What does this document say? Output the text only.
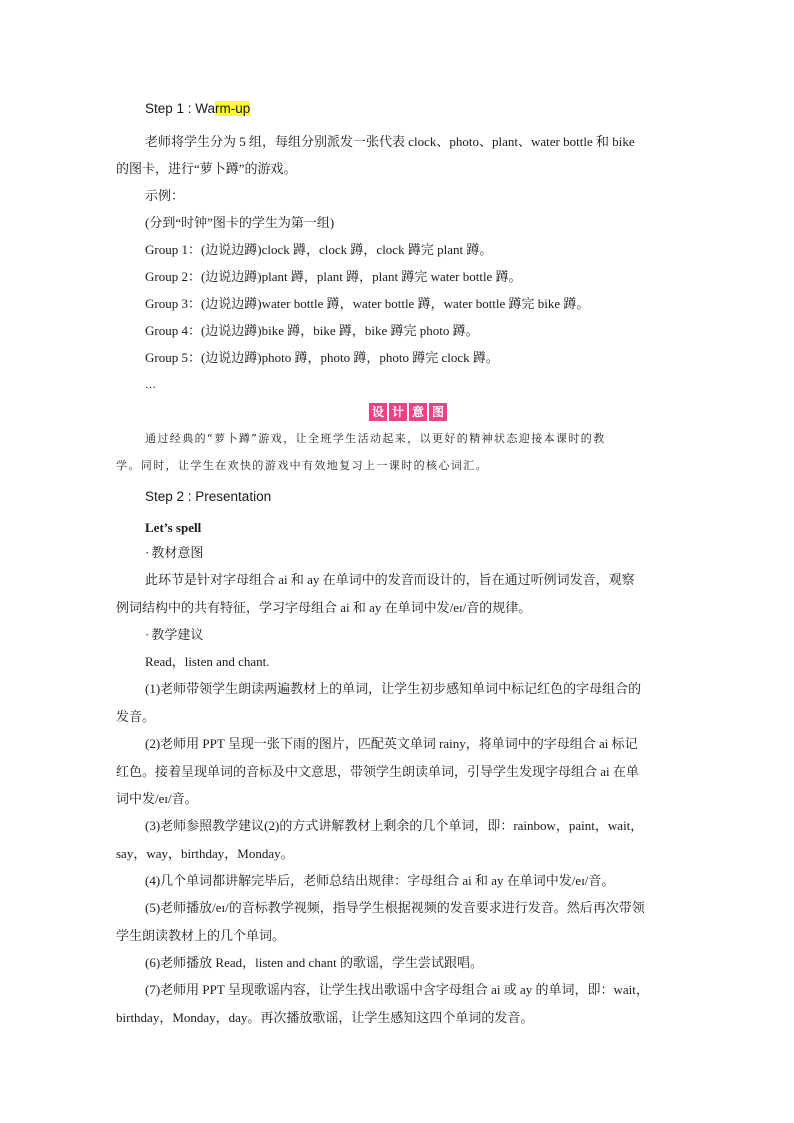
Step 1 : Warm-up
老师将学生分为 5 组，每组分别派发一张代表 clock、photo、plant、water bottle 和 bike
的图卡，进行“萝卜蹲”的游戏。
示例：
(分到“时钟”图卡的学生为第一组)
Group 1：(边说边蹲)clock 蹲，clock 蹲，clock 蹲完 plant 蹲。
Group 2：(边说边蹲)plant 蹲，plant 蹲，plant 蹲完 water bottle 蹲。
Group 3：(边说边蹲)water bottle 蹲，water bottle 蹲，water bottle 蹲完 bike 蹲。
Group 4：(边说边蹲)bike 蹲，bike 蹲，bike 蹲完 photo 蹲。
Group 5：(边说边蹲)photo 蹲，photo 蹲，photo 蹲完 clock 蹲。
…
设 计 意 图
通过经典的“萝卜蹲”游戏，让全班学生活动起来，以更好的精神状态迎接本课时的教
学。同时，让学生在欢快的游戏中有效地复习上一课时的核心词汇。
Step 2 : Presentation
Let’s spell
· 教材意图
此环节是针对字母组合 ai 和 ay 在单词中的发音而设计的，旨在通过听例词发音，观察
例词结构中的共有特征，学习字母组合 ai 和 ay 在单词中发/eɪ/音的规律。
· 教学建议
Read，listen and chant.
(1)老师带领学生朗读两遍教材上的单词，让学生初步感知单词中标记红色的字母组合的
发音。
(2)老师用 PPT 呈现一张下雨的图片，匹配英文单词 rainy，将单词中的字母组合 ai 标记
红色。接着呈现单词的音标及中文意思，带领学生朗读单词，引导学生发现字母组合 ai 在单
词中发/eɪ/音。
(3)老师参照教学建议(2)的方式讲解教材上剩余的几个单词，即：rainbow，paint，wait，
say，way，birthday，Monday。
(4)几个单词都讲解完毕后，老师总结出规律：字母组合 ai 和 ay 在单词中发/eɪ/音。
(5)老师播放/eɪ/的音标教学视频，指导学生根据视频的发音要求进行发音。然后再次带领
学生朗读教材上的几个单词。
(6)老师播放 Read，listen and chant 的歌谣，学生尝试跟唱。
(7)老师用 PPT 呈现歌谣内容，让学生找出歌谣中含字母组合 ai 或 ay 的单词，即：wait，
birthday，Monday，day。再次播放歌谣，让学生感知这四个单词的发音。
